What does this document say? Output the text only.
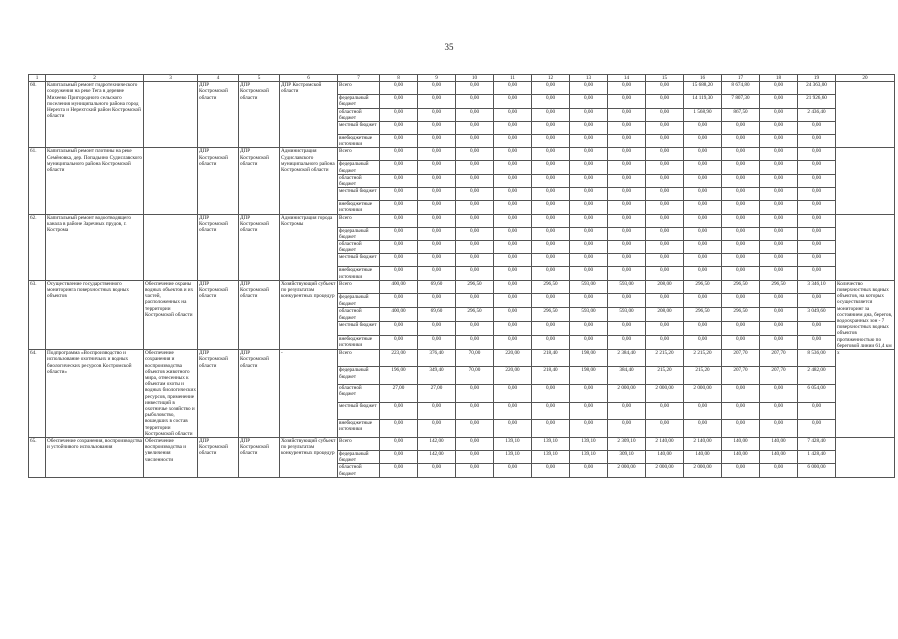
35
1	2	3	4	5	6	7	8	9	10	11	12	13	14	15	16	17	18	19	20
60.	Капитальный ремонт гидротехнического сооружения на реке Тега в деревне Михеево Пригородного сельского поселения муниципального района город Нерехта и Нерехтский район Костромской области		ДПР Костромской области	ДПР Костромской области	ДПР Костромской области	Всего	0,00	0,00	0,00	0,00	0,00	0,00	0,00	0,00	15 688,20	8 674,80	0,00	24 363,00	
						федеральный бюджет	0,00	0,00	0,00	0,00	0,00	0,00	0,00	0,00	14 119,30	7 807,30	0,00	21 926,60	
						областной бюджет	0,00	0,00	0,00	0,00	0,00	0,00	0,00	0,00	1 568,90	867,50	0,00	2 436,40	
						местный бюджет	0,00	0,00	0,00	0,00	0,00	0,00	0,00	0,00	0,00	0,00	0,00	0,00	
						внебюджетные источники	0,00	0,00	0,00	0,00	0,00	0,00	0,00	0,00	0,00	0,00	0,00	0,00	
61.	Капитальный ремонт плотины на реке Семёновка, дер. Попадьино Судиславского муниципального района Костромской области		ДПР Костромской области	ДПР Костромской области	Администрация Судиславского муниципального района Костромской области	Всего	0,00	0,00	0,00	0,00	0,00	0,00	0,00	0,00	0,00	0,00	0,00	0,00	
						федеральный бюджет	0,00	0,00	0,00	0,00	0,00	0,00	0,00	0,00	0,00	0,00	0,00	0,00	
						областной бюджет	0,00	0,00	0,00	0,00	0,00	0,00	0,00	0,00	0,00	0,00	0,00	0,00	
						местный бюджет	0,00	0,00	0,00	0,00	0,00	0,00	0,00	0,00	0,00	0,00	0,00	0,00	
						внебюджетные источники	0,00	0,00	0,00	0,00	0,00	0,00	0,00	0,00	0,00	0,00	0,00	0,00	
62.	Капитальный ремонт водоотводящего канала в районе Заречных прудов, г. Кострома		ДПР Костромской области	ДПР Костромской области	Администрация города Костромы	Всего	0,00	0,00	0,00	0,00	0,00	0,00	0,00	0,00	0,00	0,00	0,00	0,00	
						федеральный бюджет	0,00	0,00	0,00	0,00	0,00	0,00	0,00	0,00	0,00	0,00	0,00	0,00	
						областной бюджет	0,00	0,00	0,00	0,00	0,00	0,00	0,00	0,00	0,00	0,00	0,00	0,00	
						местный бюджет	0,00	0,00	0,00	0,00	0,00	0,00	0,00	0,00	0,00	0,00	0,00	0,00	
						внебюджетные источники	0,00	0,00	0,00	0,00	0,00	0,00	0,00	0,00	0,00	0,00	0,00	0,00	
63.	Осуществление государственного мониторинга поверхностных водных объектов	Обеспечение охраны водных объектов и их частей, расположенных на территории Костромской области	ДПР Костромской области	ДПР Костромской области	Хозяйствующий субъект по результатам конкурентных процедур	Всего	400,00	69,60	296,50	0,00	296,50	593,00	593,00	208,00	296,50	296,50	296,50	3 346,10	Количество поверхностных водных объектов, на которых осуществляется мониторинг за состоянием дна, берегов, водоохранных зон - 7 поверхностных водных объектов протяженностью по береговой линии 61,4 км
						федеральный бюджет	0,00	0,00	0,00	0,00	0,00	0,00	0,00	0,00	0,00	0,00	0,00	0,00	
						областной бюджет	400,00	69,60	296,50	0,00	296,50	593,00	593,00	208,00	296,50	296,50	0,00	3 049,60	
						местный бюджет	0,00	0,00	0,00	0,00	0,00	0,00	0,00	0,00	0,00	0,00	0,00	0,00	
						внебюджетные источники	0,00	0,00	0,00	0,00	0,00	0,00	0,00	0,00	0,00	0,00	0,00	0,00	
64.	Подпрограмма «Воспроизводство и использование охотничьих и водных биологических ресурсов Костромской области»	Обеспечение сохранения и воспроизводства объектов животного мира, отнесенных к объектам охоты и водных биологических ресурсов, применение инвестиций в охотничье хозяйство и рыболовство, вошедших в состав территории Костромской области	ДПР Костромской области	ДПР Костромской области	-	Всего	223,00	376,40	70,00	220,00	218,40	198,00	2 384,40	2 215,20	2 215,20	207,70	207,70	8 536,00	х
						федеральный бюджет	196,00	349,40	70,00	220,00	218,40	198,00	384,40	215,20	215,20	207,70	207,70	2 482,00	
						областной бюджет	27,00	27,00	0,00	0,00	0,00	0,00	2 000,00	2 000,00	2 000,00	0,00	0,00	6 054,00	
						местный бюджет	0,00	0,00	0,00	0,00	0,00	0,00	0,00	0,00	0,00	0,00	0,00	0,00	
						внебюджетные источники	0,00	0,00	0,00	0,00	0,00	0,00	0,00	0,00	0,00	0,00	0,00	0,00	
65.	Обеспечение сохранения, воспроизводства и устойчивого использования	Обеспечение воспроизводства и увеличения численности	ДПР Костромской области	ДПР Костромской области	Хозяйствующий субъект по результатам конкурентных процедур	Всего	0,00	142,00	0,00	139,10	139,10	139,10	2 309,10	2 140,00	2 140,00	140,00	140,00	7 428,40	
						федеральный бюджет	0,00	142,00	0,00	139,10	139,10	139,10	309,10	140,00	140,00	140,00	140,00	1 428,40	
						областной бюджет	0,00	0,00	0,00	0,00	0,00	0,00	2 000,00	2 000,00	2 000,00	0,00	0,00	6 000,00	
